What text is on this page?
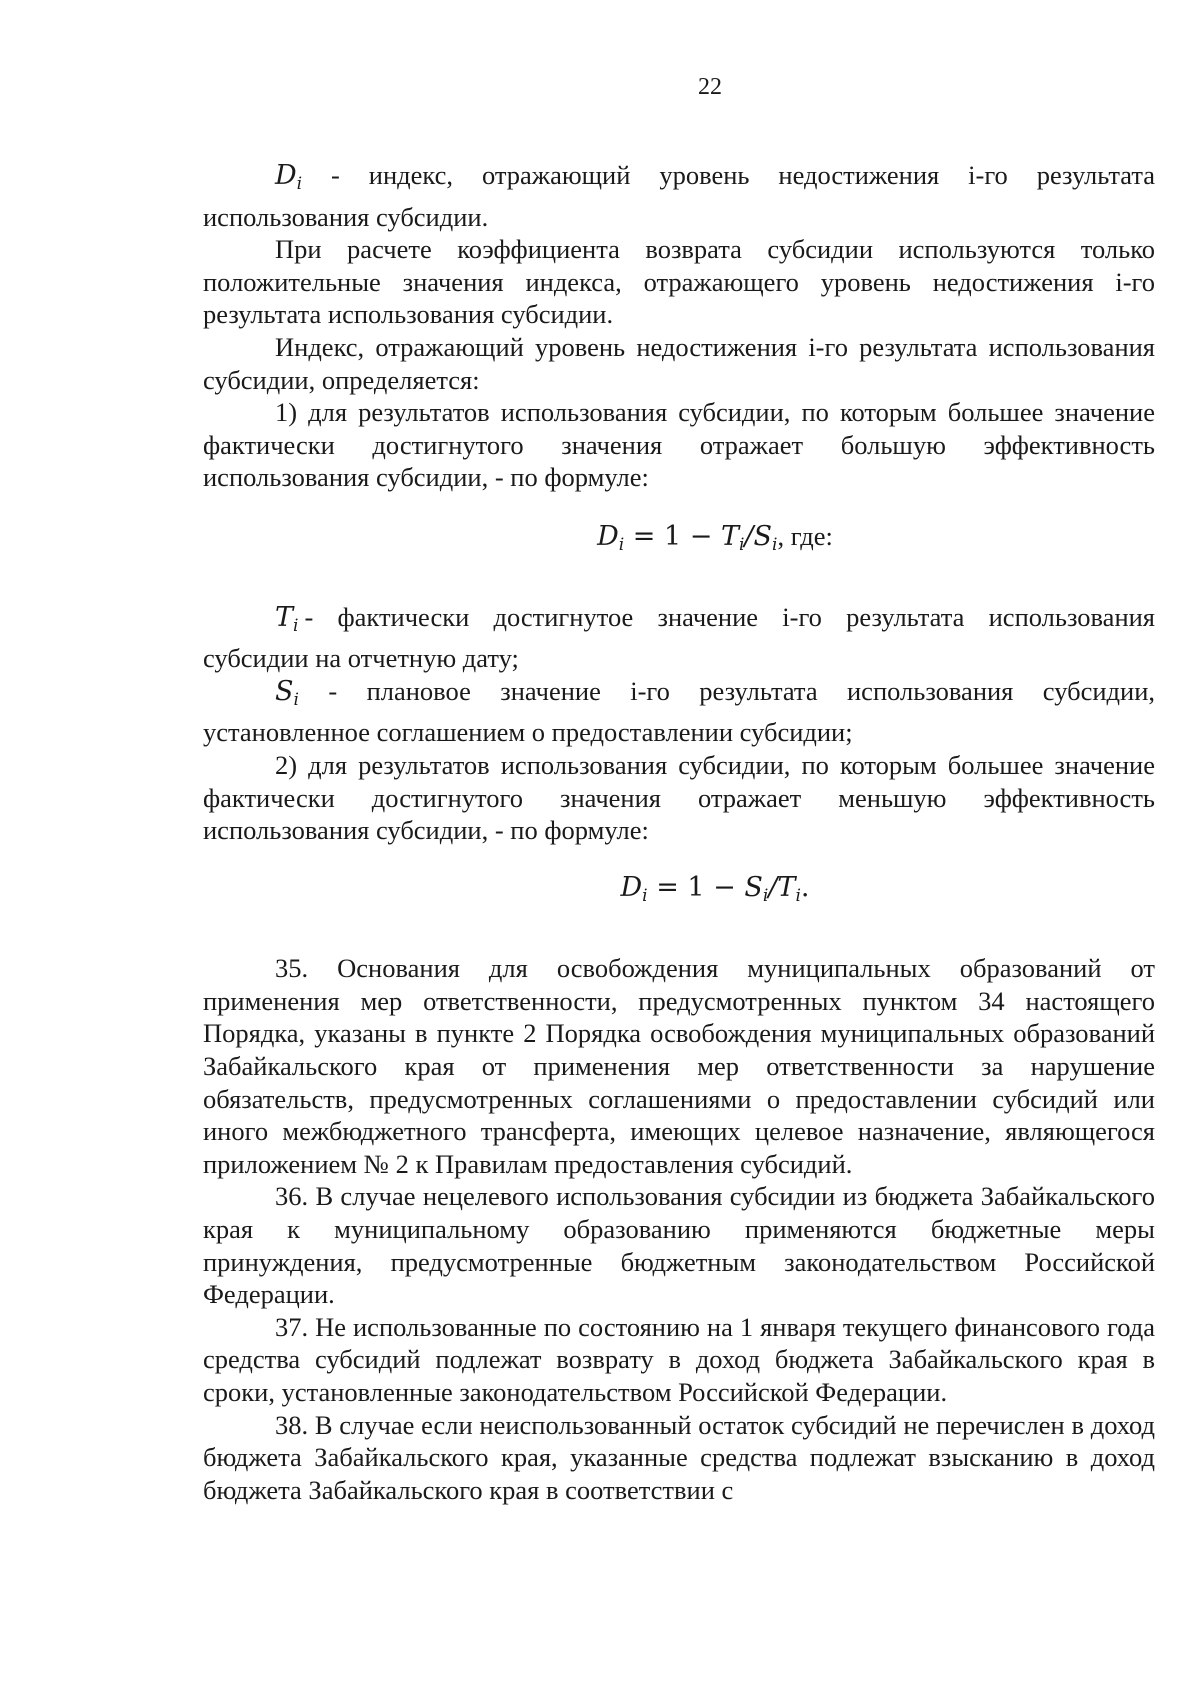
22

$D_i$ - индекс, отражающий уровень недостижения i-го результата использования субсидии.

При расчете коэффициента возврата субсидии используются только положительные значения индекса, отражающего уровень недостижения i-го результата использования субсидии.

Индекс, отражающий уровень недостижения i-го результата использования субсидии, определяется:

1) для результатов использования субсидии, по которым большее значение фактически достигнутого значения отражает большую эффективность использования субсидии, - по формуле:

$D_i = 1 - T_i/S_i$, где:

$T_i$ - фактически достигнутое значение i-го результата использования субсидии на отчетную дату;

$S_i$ - плановое значение i-го результата использования субсидии, установленное соглашением о предоставлении субсидии;

2) для результатов использования субсидии, по которым большее значение фактически достигнутого значения отражает меньшую эффективность использования субсидии, - по формуле:

$D_i = 1 - S_i/T_i$.

35. Основания для освобождения муниципальных образований от применения мер ответственности, предусмотренных пунктом 34 настоящего Порядка, указаны в пункте 2 Порядка освобождения муниципальных образований Забайкальского края от применения мер ответственности за нарушение обязательств, предусмотренных соглашениями о предоставлении субсидий или иного межбюджетного трансферта, имеющих целевое назначение, являющегося приложением № 2 к Правилам предоставления субсидий.

36. В случае нецелевого использования субсидии из бюджета Забайкальского края к муниципальному образованию применяются бюджетные меры принуждения, предусмотренные бюджетным законодательством Российской Федерации.

37. Не использованные по состоянию на 1 января текущего финансового года средства субсидий подлежат возврату в доход бюджета Забайкальского края в сроки, установленные законодательством Российской Федерации.

38. В случае если неиспользованный остаток субсидий не перечислен в доход бюджета Забайкальского края, указанные средства подлежат взысканию в доход бюджета Забайкальского края в соответствии с
